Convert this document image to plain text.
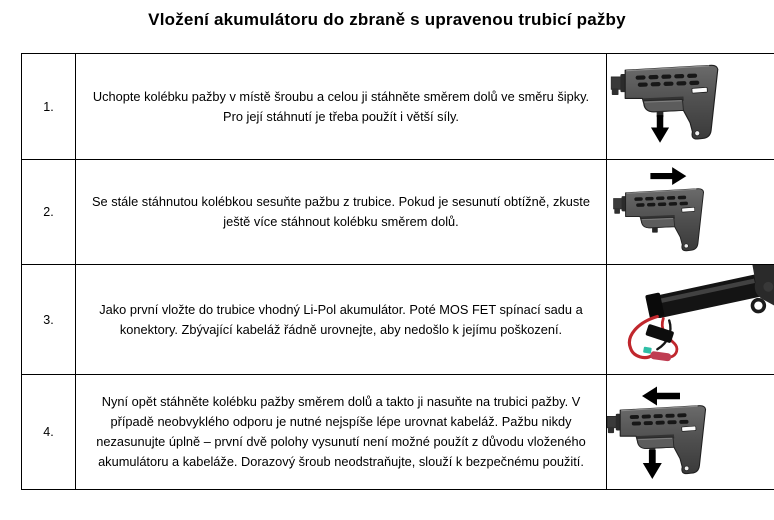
Vložení akumulátoru do zbraně s upravenou trubicí pažby
1.	Uchopte kolébku pažby v místě šroubu a celou ji stáhněte směrem dolů ve směru šipky. Pro její stáhnutí je třeba použít i větší síly.	

2.	Se stále stáhnutou kolébkou sesuňte pažbu z trubice. Pokud je sesunutí obtížně, zkuste ještě více stáhnout kolébku směrem dolů.	

3.	Jako první vložte do trubice vhodný Li-Pol akumulátor. Poté MOS FET spínací sadu a konektory. Zbývající kabeláž řádně urovnejte, aby nedošlo k jejímu poškození.	

4.	Nyní opět stáhněte kolébku pažby směrem dolů a takto ji nasuňte na trubici pažby. V případě neobvyklého odporu je nutné nejspíše lépe urovnat kabeláž. Pažbu nikdy nezasunujte úplně – první dvě polohy vysunutí není možné použít z důvodu vloženého akumulátoru a kabeláže. Dorazový šroub neodstraňujte, slouží k bezpečnému použití.	
